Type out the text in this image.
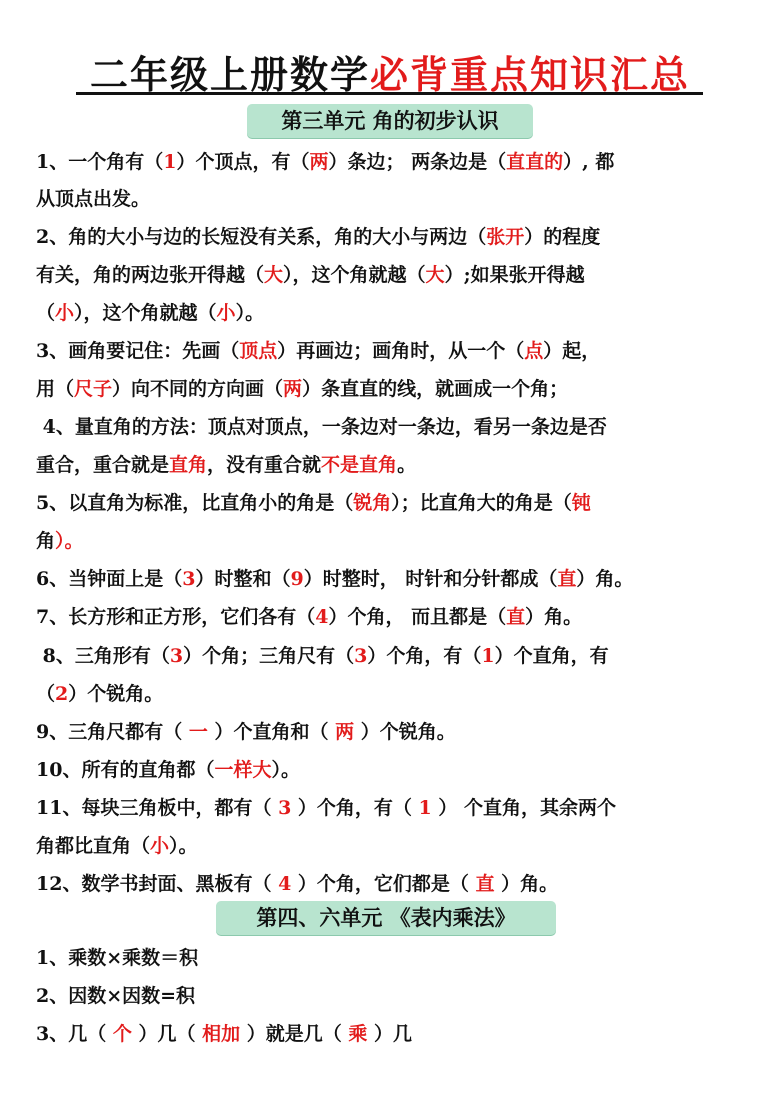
二年级上册数学必背重点知识汇总
第三单元 角的初步认识
第四、六单元 《表内乘法》
1、一个角有（1）个顶点，有（两）条边； 两条边是（直直的）, 都
从顶点出发。
2、角的大小与边的长短没有关系，角的大小与两边（张开）的程度
有关，角的两边张开得越（大），这个角就越（大）;如果张开得越
（小），这个角就越（小）。
3、画角要记住：先画（顶点）再画边；画角时，从一个（点）起，
用（尺子）向不同的方向画（两）条直直的线，就画成一个角；
4、量直角的方法：顶点对顶点，一条边对一条边，看另一条边是否
重合，重合就是直角，没有重合就不是直角。
5、以直角为标准，比直角小的角是（锐角）；比直角大的角是（钝
角）。
6、当钟面上是（3）时整和（9）时整时， 时针和分针都成（直）角。
7、长方形和正方形，它们各有（4）个角， 而且都是（直）角。
8、三角形有（3）个角；三角尺有（3）个角，有（1）个直角，有
（2）个锐角。
9、三角尺都有（ 一 ）个直角和（ 两 ）个锐角。
10、所有的直角都（一样大）。
11、每块三角板中，都有（ 3 ）个角，有（ 1 ） 个直角，其余两个
角都比直角（小）。
12、数学书封面、黑板有（ 4 ）个角，它们都是（ 直 ）角。
1、乘数×乘数＝积
2、因数×因数=积
3、几（ 个 ）几（ 相加 ）就是几（ 乘 ）几
